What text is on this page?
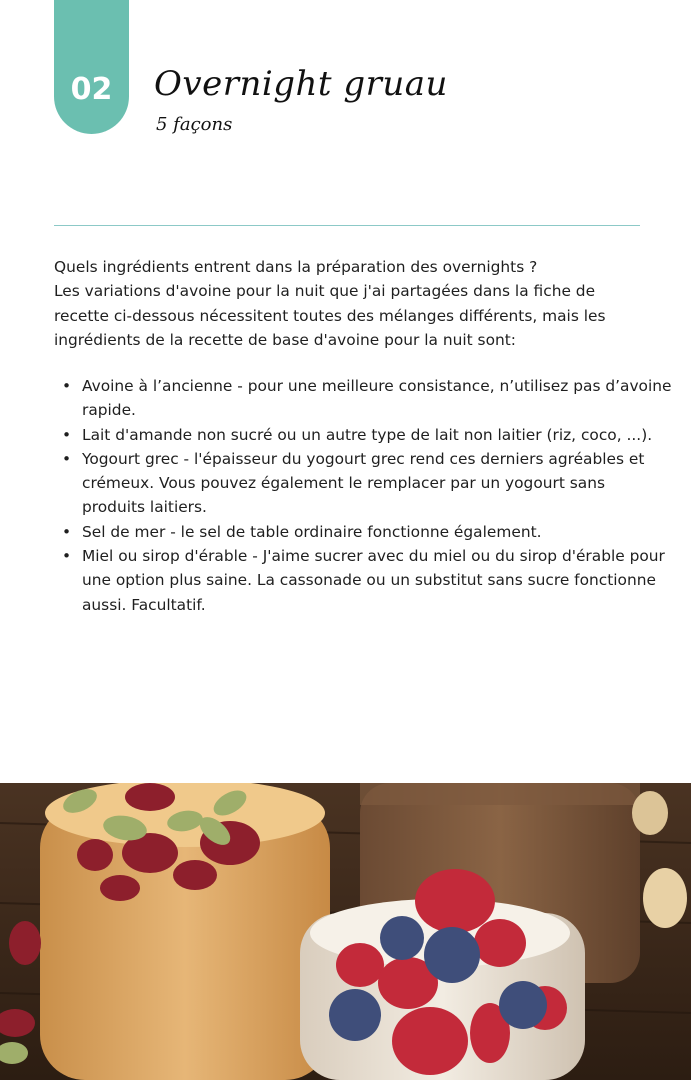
02	Overnight gruau
5 façons

Quels ingrédients entrent dans la préparation des overnights ?

Les variations d'avoine pour la nuit que j'ai partagées dans la fiche de recette ci-dessous nécessitent toutes des mélanges différents, mais les ingrédients de la recette de base d'avoine pour la nuit sont:

• Avoine à l’ancienne - pour une meilleure consistance, n’utilisez pas d’avoine rapide.
• Lait d'amande non sucré ou un autre type de lait non laitier (riz, coco, ...).
• Yogourt grec - l'épaisseur du yogourt grec rend ces derniers agréables et crémeux. Vous pouvez également le remplacer par un yogourt sans produits laitiers.
• Sel de mer - le sel de table ordinaire fonctionne également.
• Miel ou sirop d'érable - J'aime sucrer avec du miel ou du sirop d'érable pour une option plus saine. La cassonade ou un substitut sans sucre fonctionne aussi. Facultatif.
